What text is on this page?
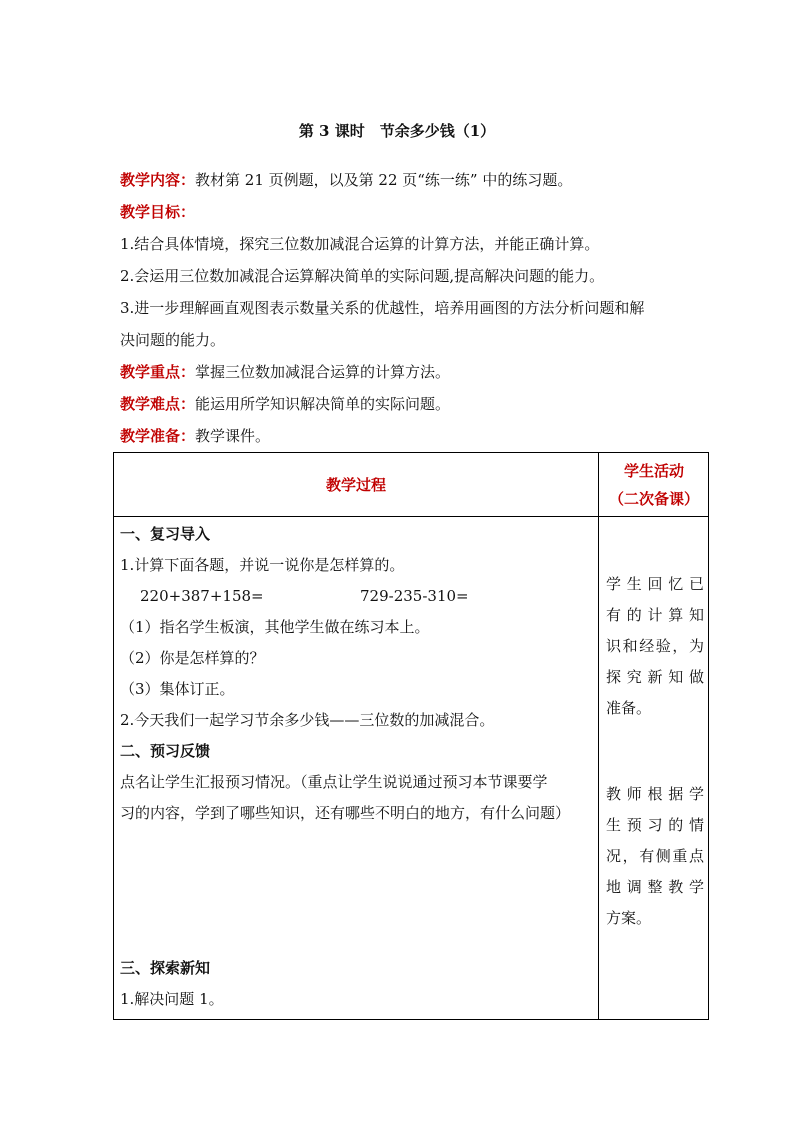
第 3 课时　节余多少钱（1）
教学内容：教材第 21 页例题，以及第 22 页“练一练” 中的练习题。
教学目标：
1.结合具体情境，探究三位数加减混合运算的计算方法，并能正确计算。
2.会运用三位数加减混合运算解决简单的实际问题,提高解决问题的能力。
3.进一步理解画直观图表示数量关系的优越性，培养用画图的方法分析问题和解
决问题的能力。
教学重点：掌握三位数加减混合运算的计算方法。
教学难点：能运用所学知识解决简单的实际问题。
教学准备：教学课件。
教学过程
学生活动
（二次备课）
一、复习导入
1.计算下面各题，并说一说你是怎样算的。
220+387+158=	729-235-310=
（1）指名学生板演，其他学生做在练习本上。
（2）你是怎样算的？
（3）集体订正。
2.今天我们一起学习节余多少钱——三位数的加减混合。
二、预习反馈
点名让学生汇报预习情况。（重点让学生说说通过预习本节课要学
习的内容，学到了哪些知识，还有哪些不明白的地方，有什么问题）
三、探索新知
1.解决问题 1。
学生回忆已
有的计算知
识和经验，为
探究新知做
准备。
教师根据学
生预习的情
况，有侧重点
地调整教学
方案。
